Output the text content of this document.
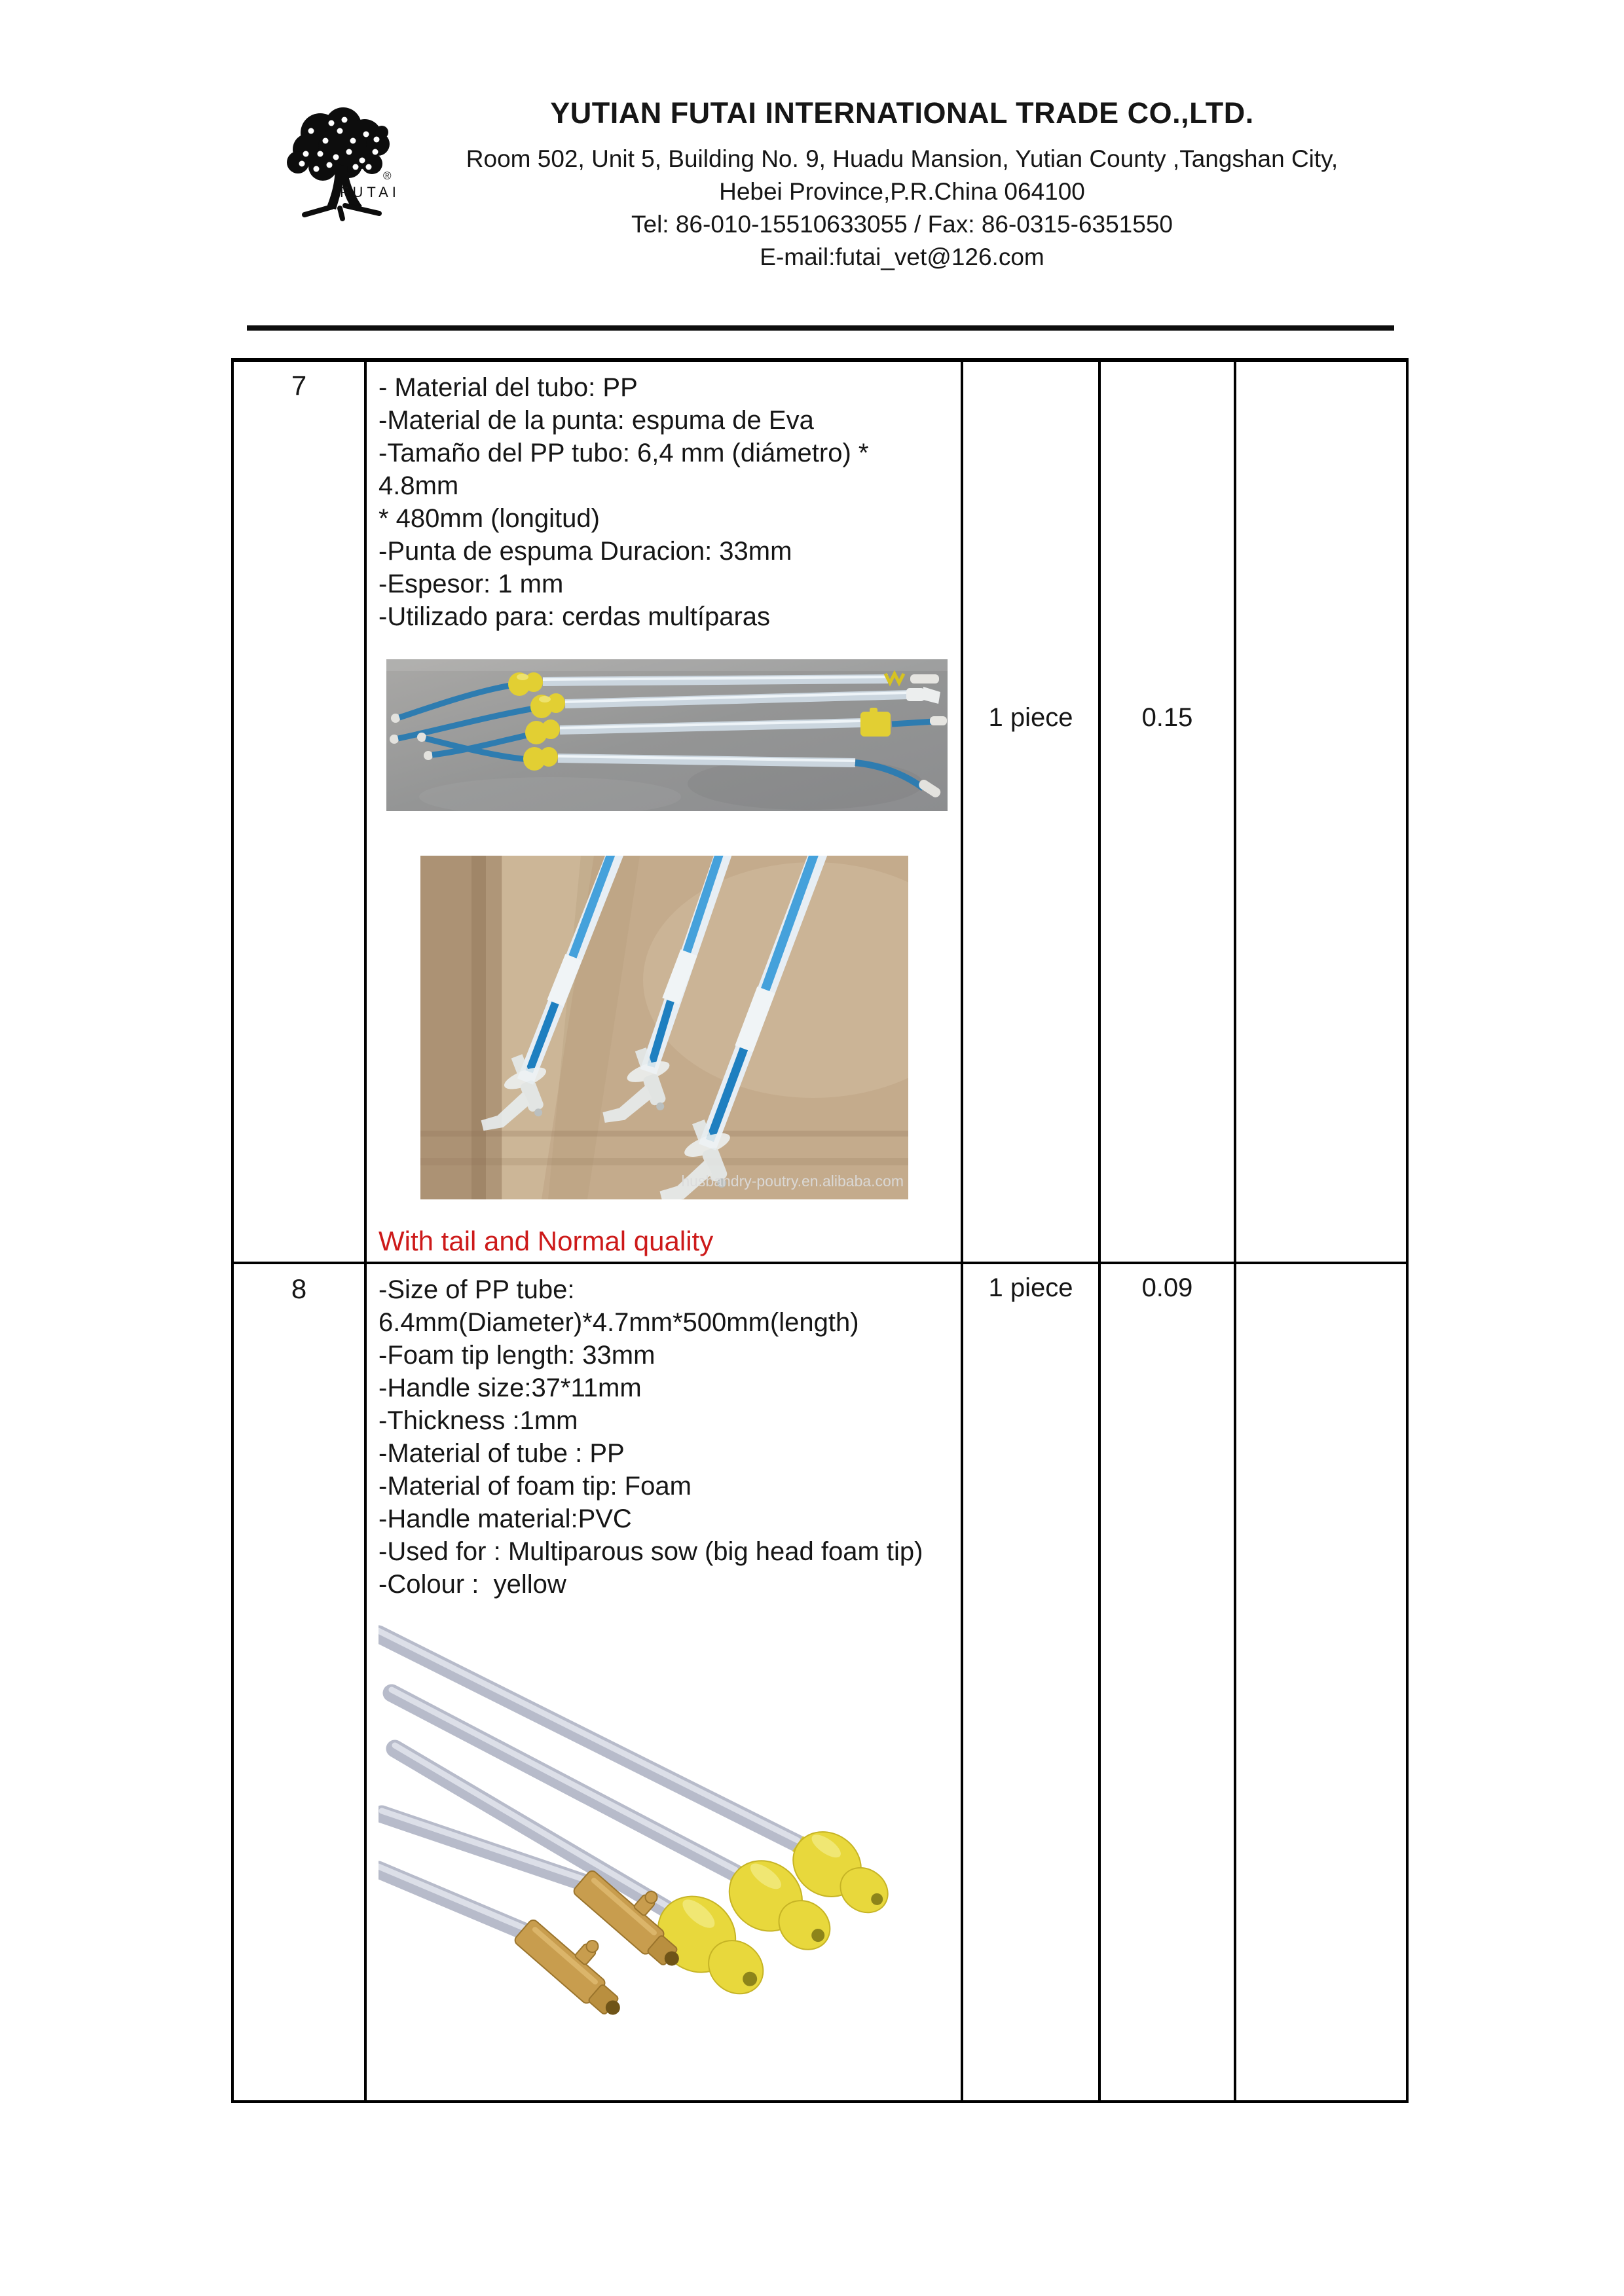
FUTAI
®
YUTIAN FUTAI INTERNATIONAL TRADE CO.,LTD.
Room 502, Unit 5, Building No. 9, Huadu Mansion, Yutian County ,Tangshan City,
Hebei Province,P.R.China 064100
Tel: 86-010-15510633055 / Fax: 86-0315-6351550
E-mail:futai_vet@126.com
7	- Material del tubo: PP
-Material de la punta: espuma de Eva
-Tamaño del PP tubo: 6,4 mm (diámetro) * 4.8mm
* 480mm (longitud)
-Punta de espuma Duracion: 33mm
-Espesor: 1 mm
-Utilizado para: cerdas multíparas
husbandry-poutry.en.alibaba.com
With tail and Normal quality
1 piece	0.15
8	-Size of PP tube:
6.4mm(Diameter)*4.7mm*500mm(length)
-Foam tip length: 33mm
-Handle size:37*11mm
-Thickness :1mm
-Material of tube : PP
-Material of foam tip: Foam
-Handle material:PVC
-Used for : Multiparous sow (big head foam tip)
-Colour :  yellow
1 piece	0.09
